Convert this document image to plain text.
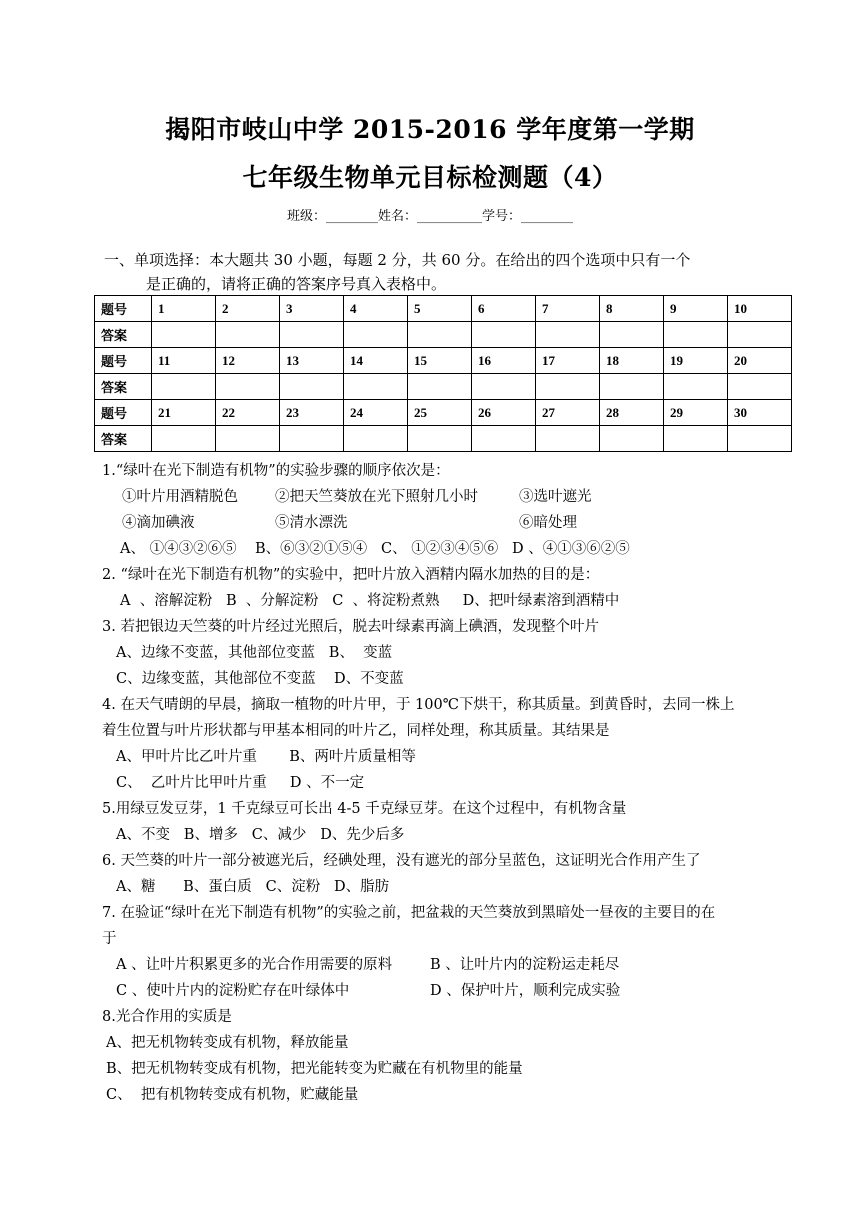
揭阳市岐山中学 2015-2016 学年度第一学期
七年级生物单元目标检测题（4）
班级：________姓名：__________学号：________
一、单项选择：本大题共 30 小题，每题 2 分，共 60 分。在给出的四个选项中只有一个
是正确的，请将正确的答案序号真入表格中。
题号	1	2	3	4	5	6	7	8	9	10
答案										
题号	11	12	13	14	15	16	17	18	19	20
答案										
题号	21	22	23	24	25	26	27	28	29	30
答案										
1.“绿叶在光下制造有机物”的实验步骤的顺序依次是：
①叶片用酒精脱色	②把天竺葵放在光下照射几小时	③选叶遮光
④滴加碘液	⑤清水漂洗	⑥暗处理
A、 ①④③②⑥⑤    B、⑥③②①⑤④   C、 ①②③④⑤⑥   D 、④①③⑥②⑤
2. “绿叶在光下制造有机物”的实验中，把叶片放入酒精内隔水加热的目的是：
A  、溶解淀粉   B  、分解淀粉   C  、将淀粉煮熟     D、把叶绿素溶到酒精中
3. 若把银边天竺葵的叶片经过光照后，脱去叶绿素再滴上碘酒，发现整个叶片
A、边缘不变蓝，其他部位变蓝   B、  变蓝
C、边缘变蓝，其他部位不变蓝    D、不变蓝
4. 在天气晴朗的早晨，摘取一植物的叶片甲，于 100℃下烘干，称其质量。到黄昏时，去同一株上
着生位置与叶片形状都与甲基本相同的叶片乙，同样处理，称其质量。其结果是
A、甲叶片比乙叶片重       B、两叶片质量相等
C、  乙叶片比甲叶片重     D 、不一定
5.用绿豆发豆芽，1 千克绿豆可长出 4-5 千克绿豆芽。在这个过程中，有机物含量
A、不变   B、增多   C、减少   D、先少后多
6. 天竺葵的叶片一部分被遮光后，经碘处理，没有遮光的部分呈蓝色，这证明光合作用产生了
A、糖      B、蛋白质   C、淀粉   D、脂肪
7. 在验证“绿叶在光下制造有机物”的实验之前，把盆栽的天竺葵放到黑暗处一昼夜的主要目的在
于
A 、让叶片积累更多的光合作用需要的原料	B 、让叶片内的淀粉运走耗尽
C 、使叶片内的淀粉贮存在叶绿体中	D 、保护叶片，顺利完成实验
8.光合作用的实质是
A、把无机物转变成有机物，释放能量
B、把无机物转变成有机物，把光能转变为贮藏在有机物里的能量
C、  把有机物转变成有机物，贮藏能量
